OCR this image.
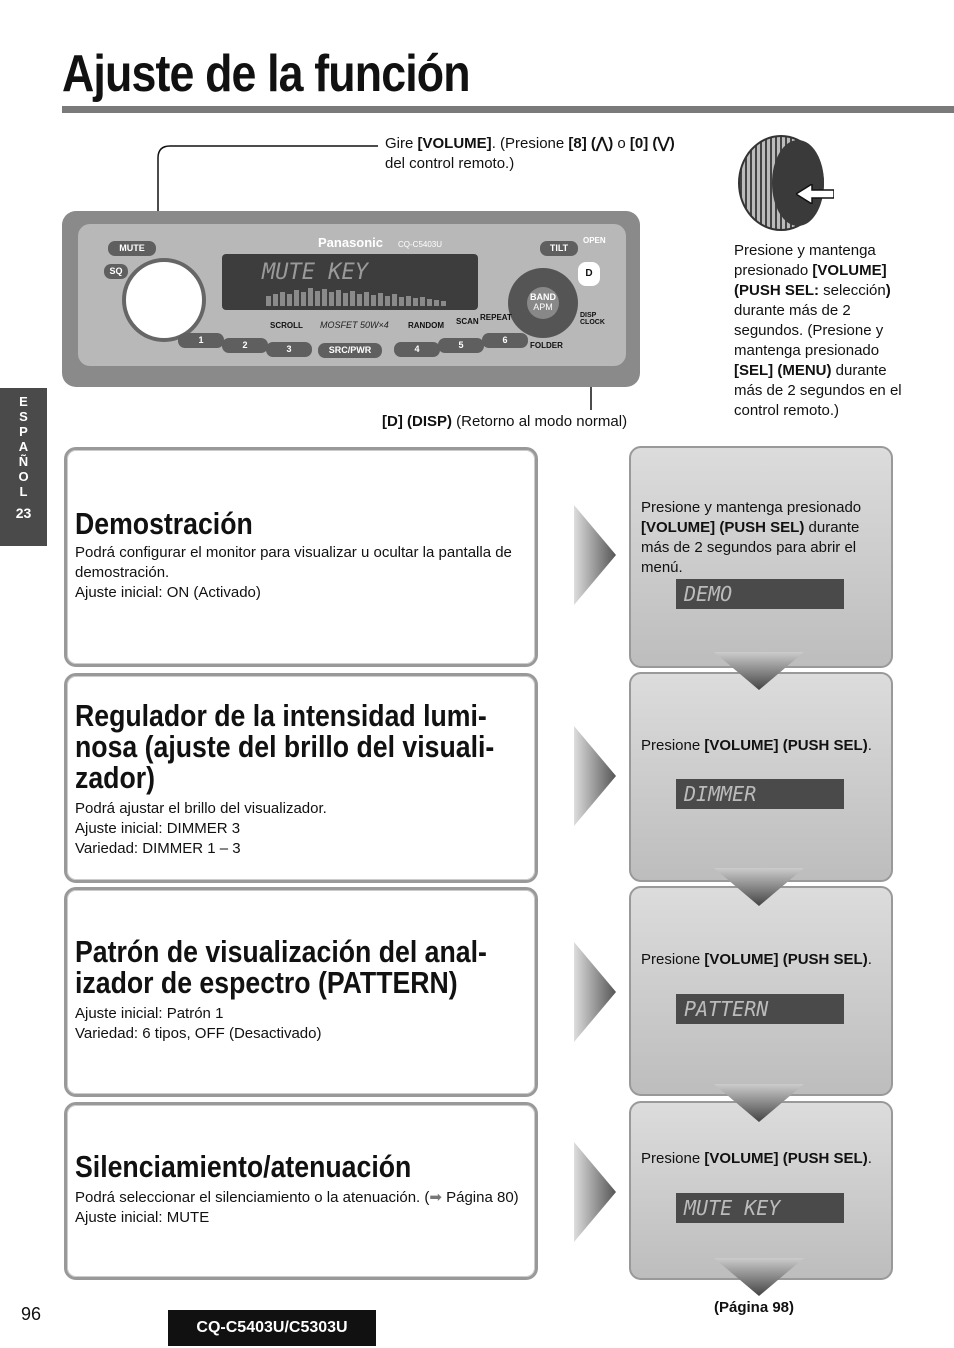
Ajuste de la función
E
S
P
A
Ñ
O
L
23
Gire [VOLUME]. (Presione [8] (⋀) o [0] (⋁)
del control remoto.)
Panasonic CQ-C5403U
MUTE KEY
BAND
APM
MOSFET 50W×4
MUTE
SQ
TILT
OPEN
SCROLL	RANDOM SCAN REPEAT
FOLDER
SRC/PWR
DISP CLOCK
1	2	3	4	5	6
D
[D] (DISP) (Retorno al modo normal)
Presione y mantenga presionado [VOLUME] (PUSH SEL: selección) durante más de 2 segundos. (Presione y mantenga presionado [SEL] (MENU) durante más de 2 segundos en el control remoto.)
Demostración

Podrá configurar el monitor para visualizar u ocultar la pantalla de demostración.

Ajuste inicial: ON (Activado)

Regulador de la intensidad lumi-
nosa (ajuste del brillo del visuali-
zador)

Podrá ajustar el brillo del visualizador.

Ajuste inicial: DIMMER 3

Variedad: DIMMER 1 – 3

Patrón de visualización del anal-
izador de espectro (PATTERN)

Ajuste inicial: Patrón 1

Variedad: 6 tipos, OFF (Desactivado)

Silenciamiento/atenuación

Podrá seleccionar el silenciamiento o la atenuación. (➡ Página 80)

Ajuste inicial: MUTE

Presione y mantenga presionado [VOLUME] (PUSH SEL) durante más de 2 segundos para abrir el menú.

DEMO

Presione [VOLUME] (PUSH SEL).

DIMMER

Presione [VOLUME] (PUSH SEL).

PATTERN

Presione [VOLUME] (PUSH SEL).

MUTE KEY
96
CQ-C5403U/C5303U
(Página 98)
